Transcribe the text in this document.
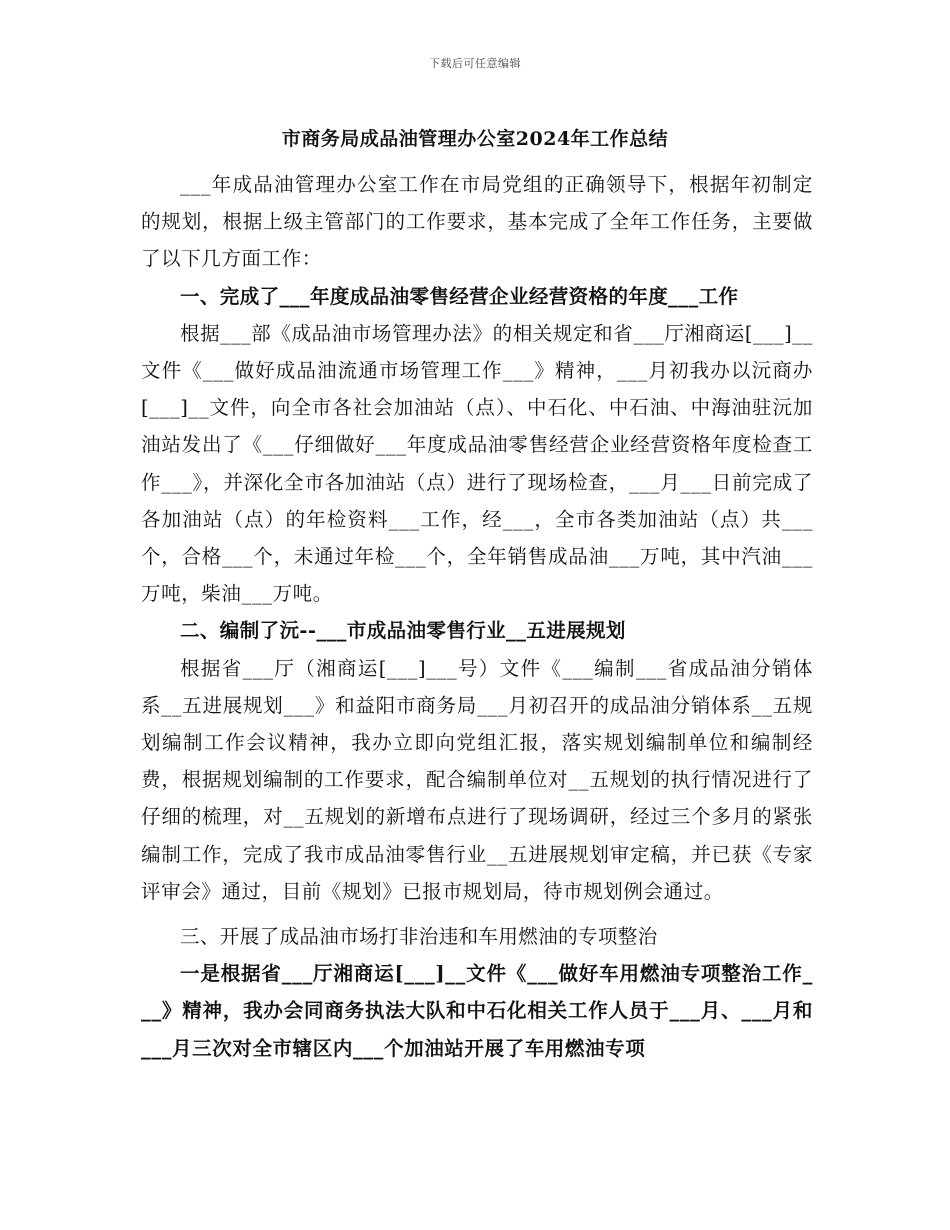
下载后可任意编辑
市商务局成品油管理办公室2024年工作总结

___年成品油管理办公室工作在市局党组的正确领导下，根据年初制定的规划，根据上级主管部门的工作要求，基本完成了全年工作任务，主要做了以下几方面工作：

一、完成了___年度成品油零售经营企业经营资格的年度___工作

根据___部《成品油市场管理办法》的相关规定和省___厅湘商运[___]__文件《___做好成品油流通市场管理工作___》精神，___月初我办以沅商办[___]__文件，向全市各社会加油站（点）、中石化、中石油、中海油驻沅加油站发出了《___仔细做好___年度成品油零售经营企业经营资格年度检查工作___》，并深化全市各加油站（点）进行了现场检查，___月___日前完成了各加油站（点）的年检资料___工作，经___，全市各类加油站（点）共___个，合格___个，未通过年检___个，全年销售成品油___万吨，其中汽油___万吨，柴油___万吨。

二、编制了沅--___市成品油零售行业__五进展规划

根据省___厅（湘商运[___]___号）文件《___编制___省成品油分销体系__五进展规划___》和益阳市商务局___月初召开的成品油分销体系__五规划编制工作会议精神，我办立即向党组汇报，落实规划编制单位和编制经费，根据规划编制的工作要求，配合编制单位对__五规划的执行情况进行了仔细的梳理，对__五规划的新增布点进行了现场调研，经过三个多月的紧张编制工作，完成了我市成品油零售行业__五进展规划审定稿，并已获《专家评审会》通过，目前《规划》已报市规划局，待市规划例会通过。

三、开展了成品油市场打非治违和车用燃油的专项整治

一是根据省___厅湘商运[___]__文件《___做好车用燃油专项整治工作___》精神，我办会同商务执法大队和中石化相关工作人员于___月、___月和___月三次对全市辖区内___个加油站开展了车用燃油专项
